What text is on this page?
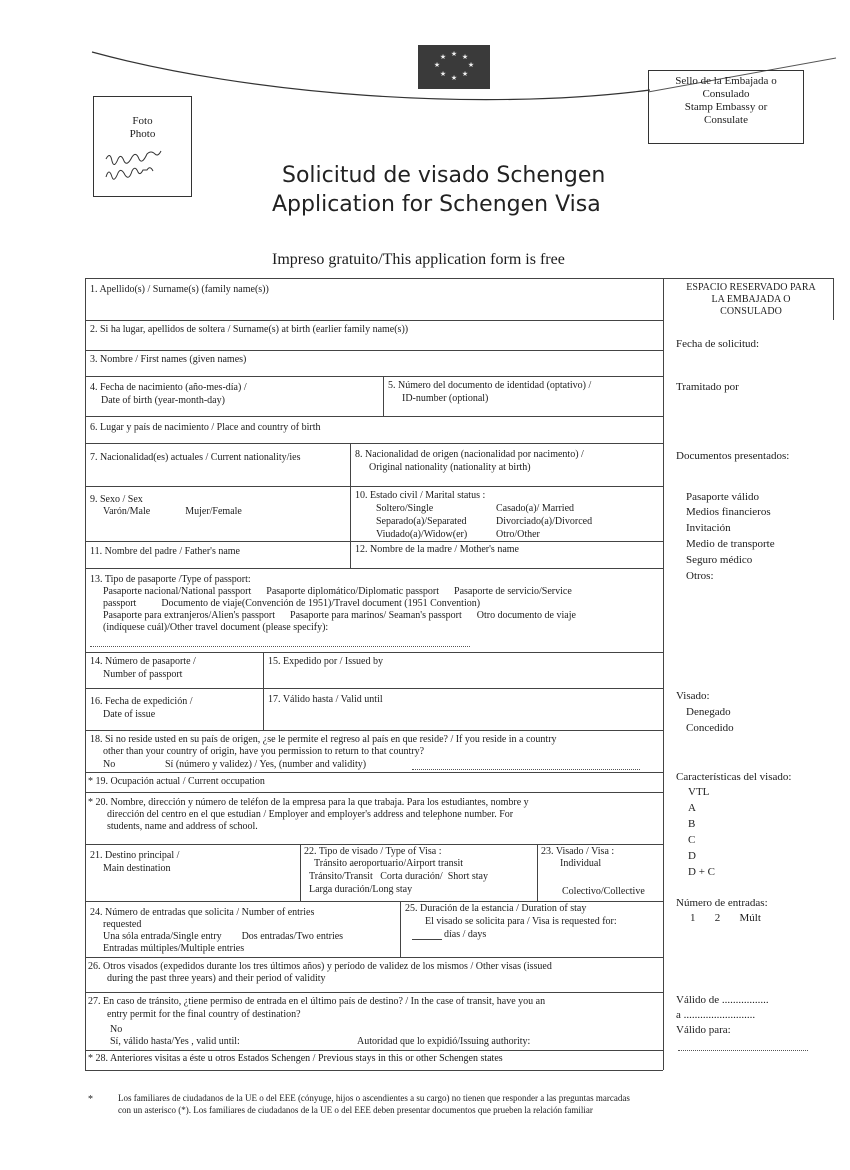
★ ★
★
★
★
★
★
★
Foto
Photo
Sello de la Embajada o
Consulado
Stamp Embassy or
Consulate
Solicitud de visado Schengen
Application for Schengen Visa
Impreso gratuito/This application form is free
1. Apellido(s) / Surname(s) (family name(s))
2. Si ha lugar, apellidos de soltera / Surname(s) at birth (earlier family name(s))
3. Nombre / First names (given names)
4. Fecha de nacimiento (año-mes-día) /
Date of birth (year-month-day)
5. Número del documento de identidad (optativo) /
ID-number (optional)
6. Lugar y país de nacimiento / Place and country of birth
7. Nacionalidad(es) actuales / Current nationality/ies	8. Nacionalidad de origen (nacionalidad por nacimento) /
Original nationality (nationality at birth)
9. Sexo / Sex
Varón/Male              Mujer/Female
10. Estado civil / Marital status :
Soltero/Single	Casado(a)/ Married
Separado(a)/Separated	Divorciado(a)/Divorced
Viudado(a)/Widow(er)	Otro/Other
11. Nombre del padre / Father's name	12. Nombre de la madre / Mother's name
13. Tipo de pasaporte /Type of passport:
Pasaporte nacional/National passport      Pasaporte diplomático/Diplomatic passport      Pasaporte de servicio/Service
passport          Documento de viaje(Convención de 1951)/Travel document (1951 Convention)
Pasaporte para extranjeros/Alien's passport      Pasaporte para marinos/ Seaman's passport      Otro documento de viaje
(indíquese cuál)/Other travel document (please specify):
14. Número de pasaporte /
Number of passport
15. Expedido por / Issued by
16. Fecha de expedición /
Date of issue
17. Válido hasta / Valid until
18. Si no reside usted en su país de origen, ¿se le permite el regreso al país en que reside? / If you reside in a country
other than your country of origin, have you permission to return to that country?
No	Sí (número y validez) / Yes, (number and validity)
* 19. Ocupación actual / Current occupation
* 20. Nombre, dirección y número de teléfon de la empresa para la que trabaja. Para los estudiantes, nombre y
dirección del centro en el que estudian / Employer and employer's address and telephone number. For
students, name and address of school.
21. Destino principal /
Main destination
22. Tipo de visado / Type of Visa :
Tránsito aeroportuario/Airport transit
Tránsito/Transit   Corta duración/  Short stay
Larga duración/Long stay
23. Visado / Visa :
Individual
Colectivo/Collective
24. Número de entradas que solicita / Number of entries
requested
Una sóla entrada/Single entry        Dos entradas/Two entries
Entradas múltiples/Multiple entries
25. Duración de la estancia / Duration of stay
El visado se solicita para / Visa is requested for:
días / days
26. Otros visados (expedidos durante los tres últimos años) y período de validez de los mismos / Other visas (issued
during the past three years) and their period of validity
27. En caso de tránsito, ¿tiene permiso de entrada en el último país de destino? / In the case of transit, have you an
entry permit for the final country of destination?
No
Sí, válido hasta/Yes , valid until:	Autoridad que lo expidió/Issuing authority:
* 28. Anteriores visitas a éste u otros Estados Schengen / Previous stays in this or other Schengen states
ESPACIO RESERVADO PARA
LA EMBAJADA O
CONSULADO
Fecha de solicitud:
Tramitado por
Documentos presentados:
Pasaporte válido
Medios financieros
Invitación
Medio de transporte
Seguro médico
Otros:
Visado:
Denegado
Concedido
Características del visado:
VTL
A
B
C
D
D + C
Número de entradas:
1       2       Múlt
Válido de .................
a ..........................
Válido para:
*	Los familiares de ciudadanos de la UE o del EEE (cónyuge, hijos o ascendientes a su cargo) no tienen que responder a las preguntas marcadas
con un asterisco (*). Los familiares de ciudadanos de la UE o del EEE deben presentar documentos que prueben la relación familiar
